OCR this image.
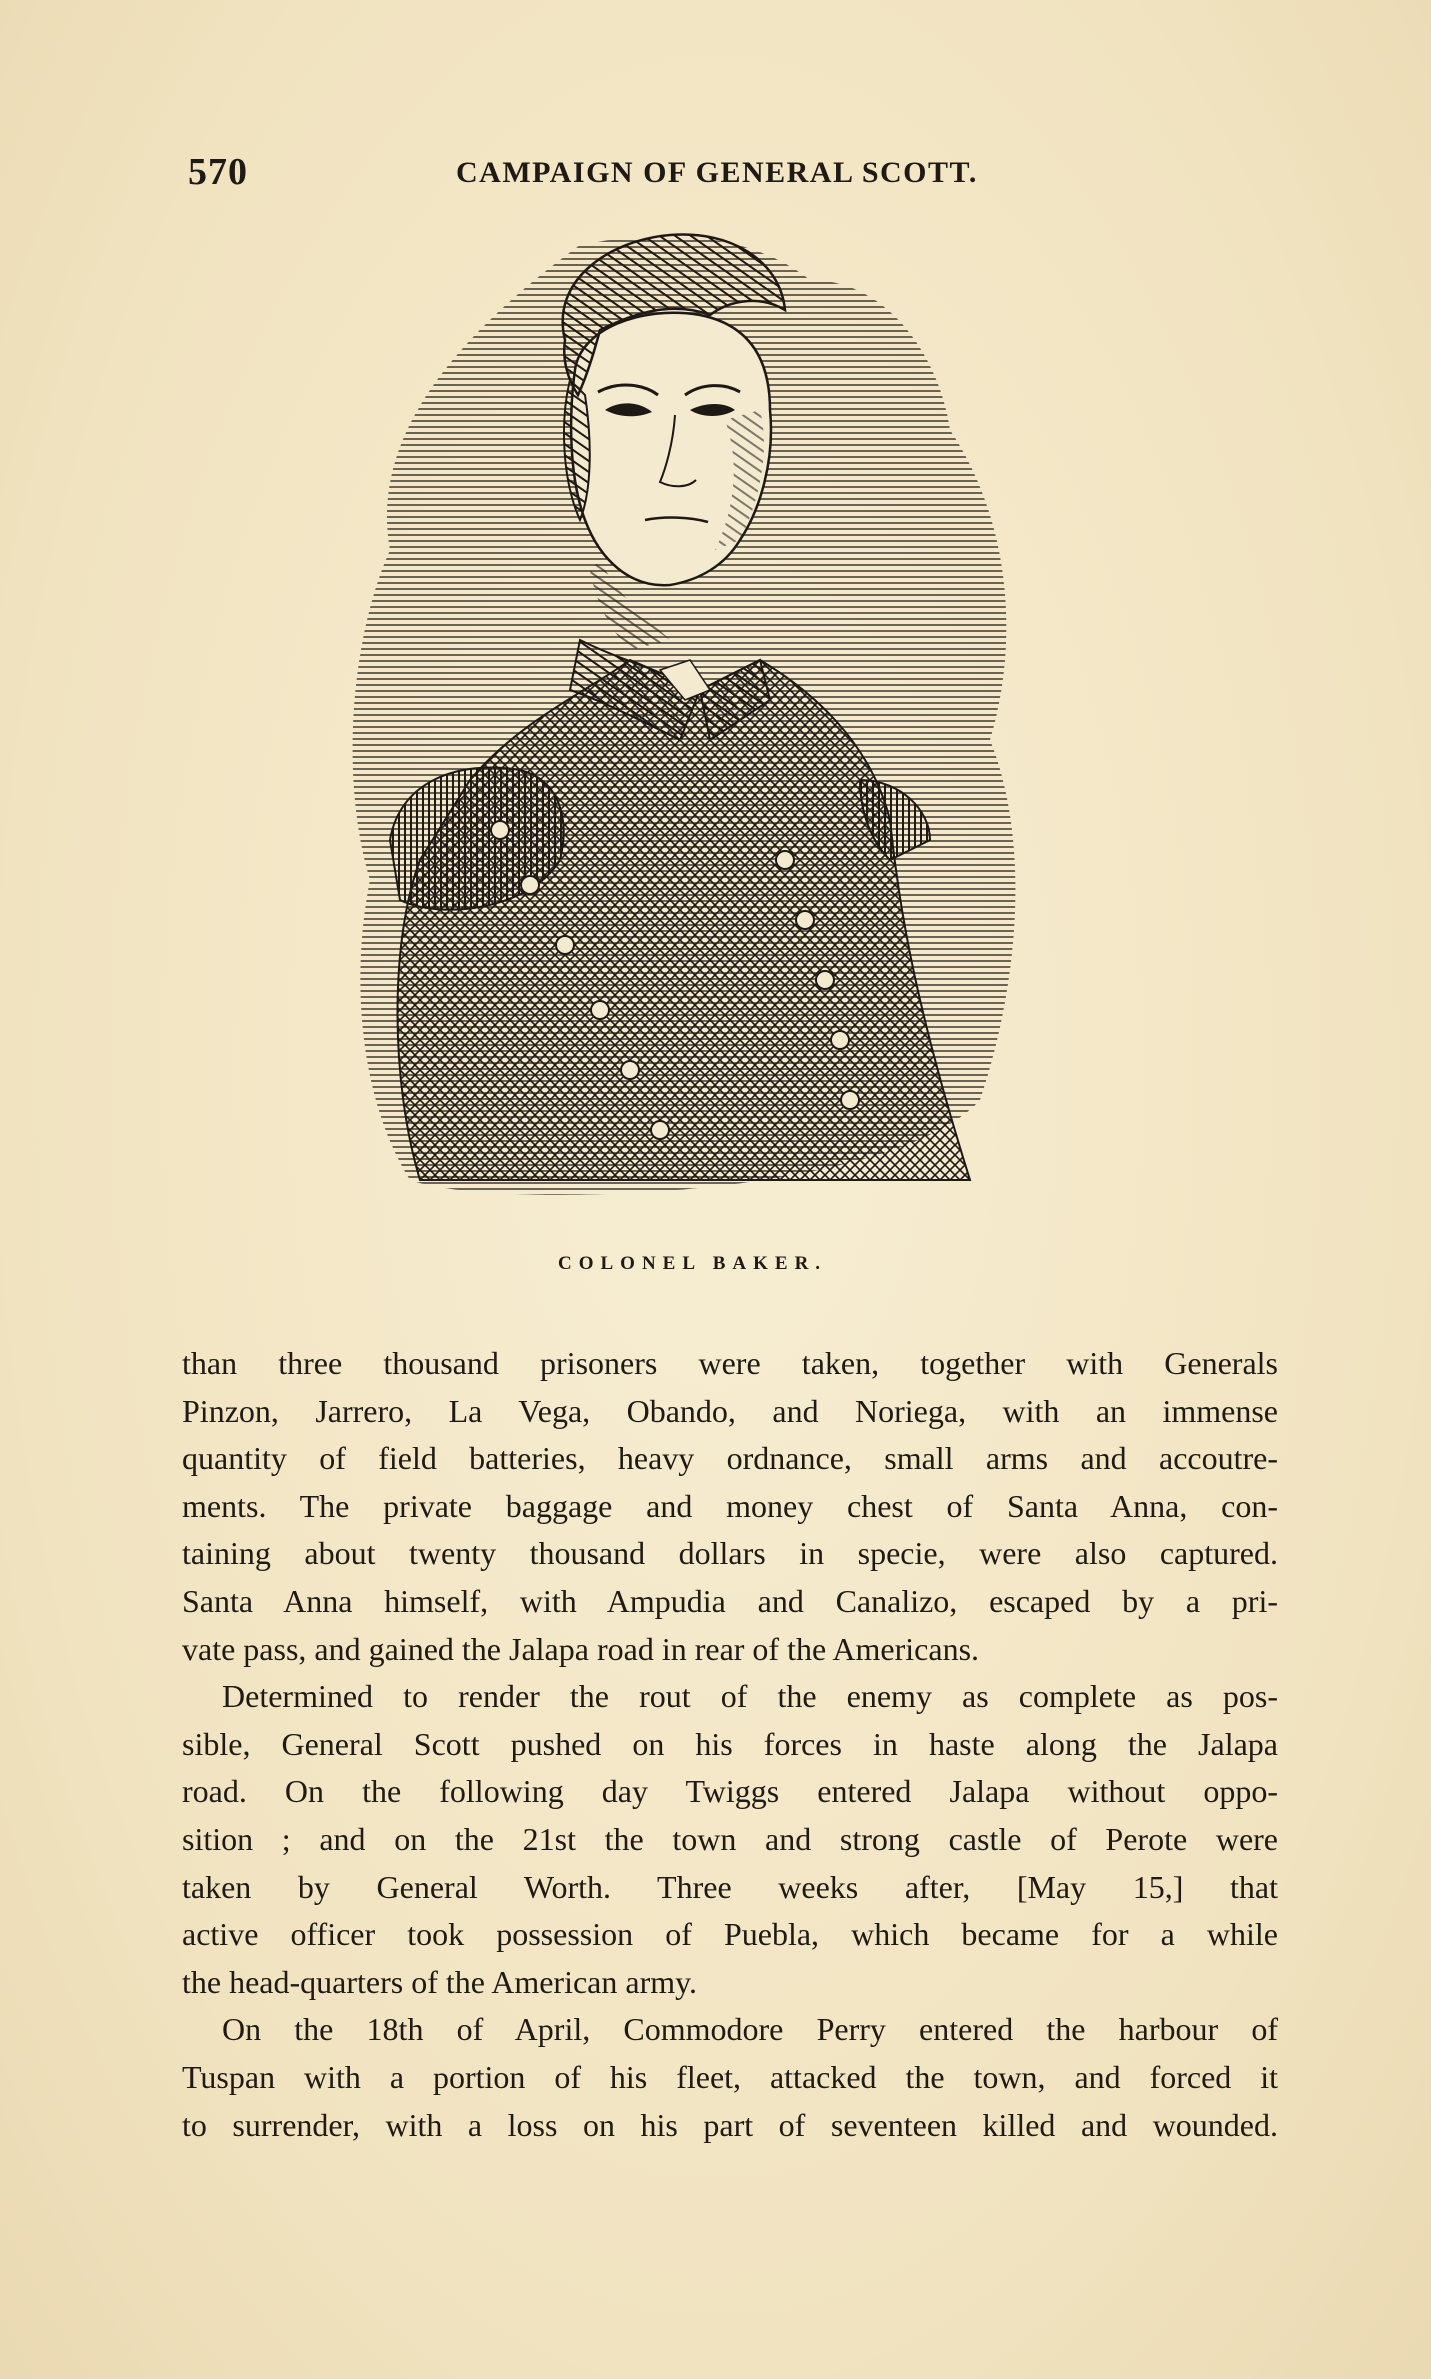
570	CAMPAIGN OF GENERAL SCOTT.
COLONEL BAKER.

than three thousand prisoners were taken, together with Generals
Pinzon, Jarrero, La Vega, Obando, and Noriega, with an immense
quantity of field batteries, heavy ordnance, small arms and accoutre-
ments. The private baggage and money chest of Santa Anna, con-
taining about twenty thousand dollars in specie, were also captured.
Santa Anna himself, with Ampudia and Canalizo, escaped by a pri-
vate pass, and gained the Jalapa road in rear of the Americans.

Determined to render the rout of the enemy as complete as pos-
sible, General Scott pushed on his forces in haste along the Jalapa
road. On the following day Twiggs entered Jalapa without oppo-
sition ; and on the 21st the town and strong castle of Perote were
taken by General Worth. Three weeks after, [May 15,] that
active officer took possession of Puebla, which became for a while
the head-quarters of the American army.

On the 18th of April, Commodore Perry entered the harbour of
Tuspan with a portion of his fleet, attacked the town, and forced it
to surrender, with a loss on his part of seventeen killed and wounded.
